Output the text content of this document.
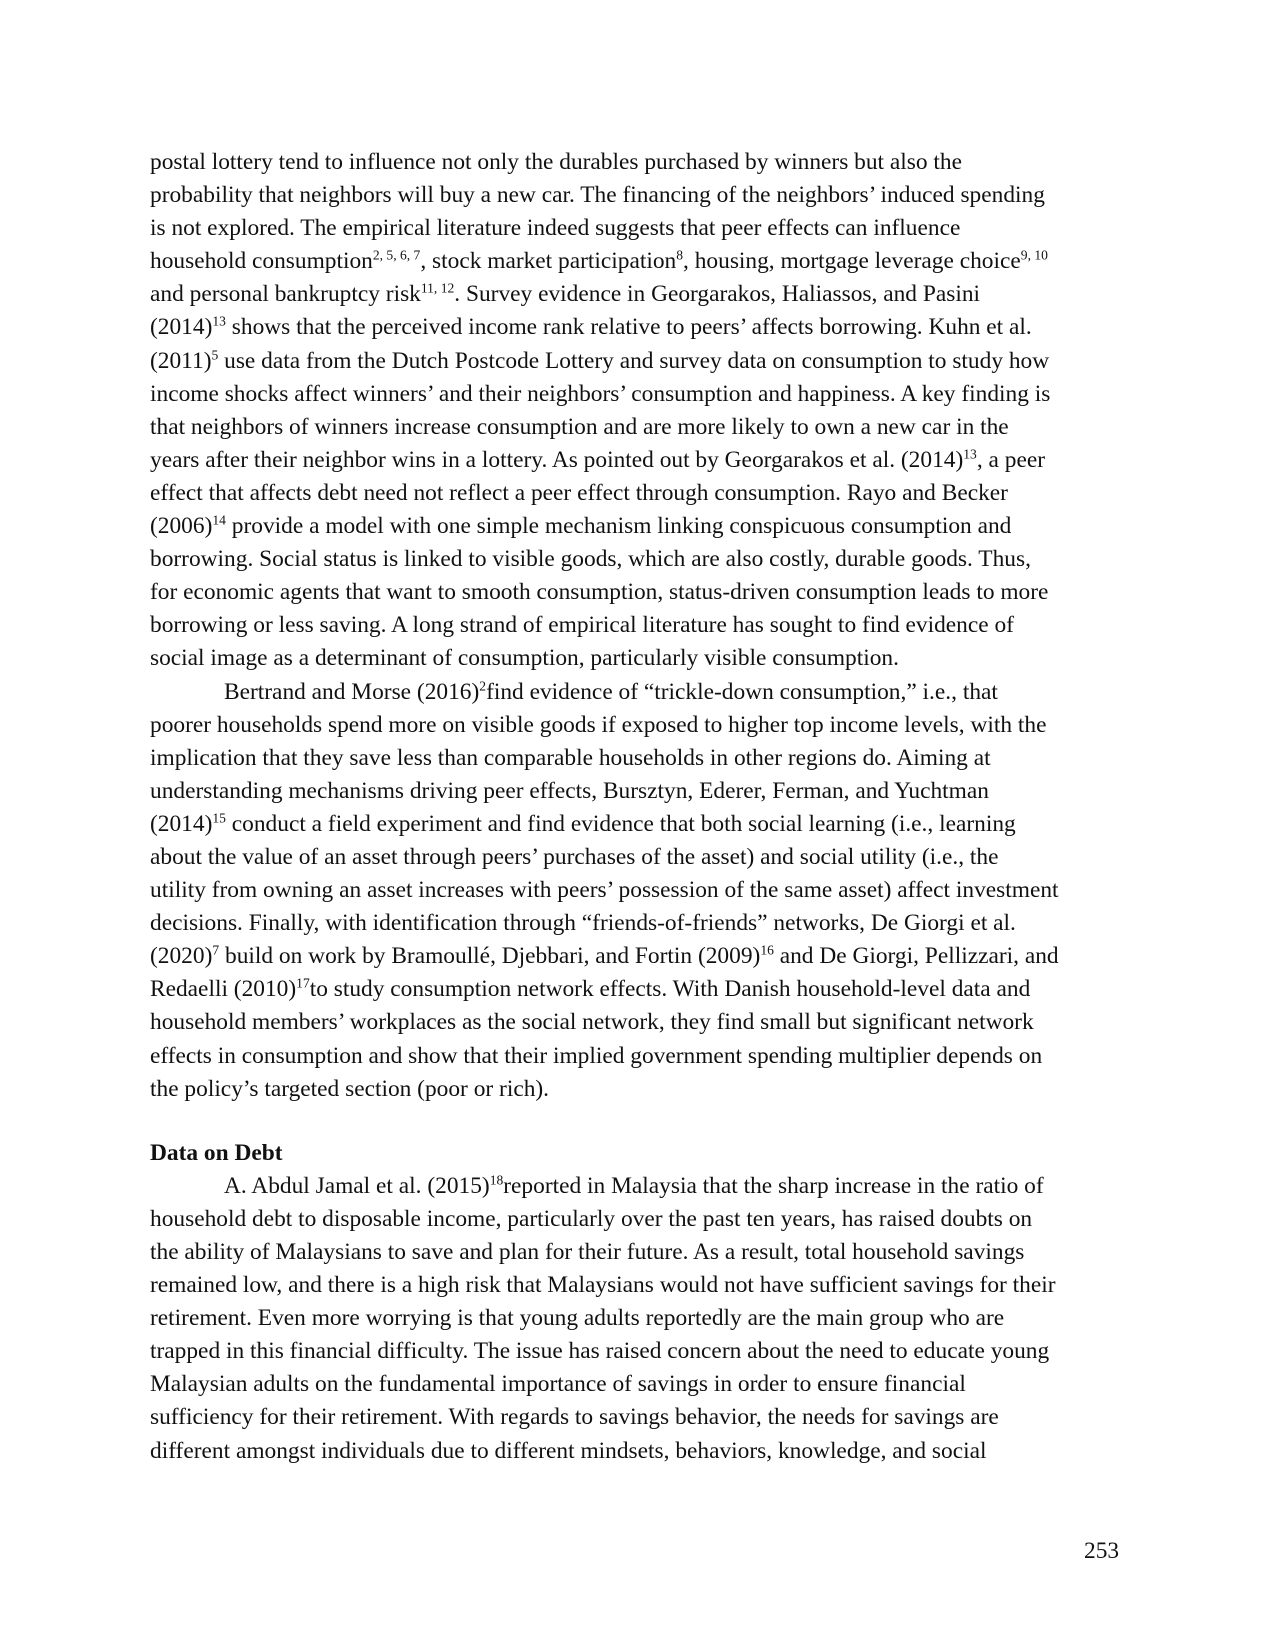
postal lottery tend to influence not only the durables purchased by winners but also the
probability that neighbors will buy a new car. The financing of the neighbors’ induced spending
is not explored. The empirical literature indeed suggests that peer effects can influence
household consumption$^{2, 5, 6, 7}$, stock market participation$^8$, housing, mortgage leverage choice$^{9, 10}$
and personal bankruptcy risk$^{11, 12}$. Survey evidence in Georgarakos, Haliassos, and Pasini
$(2014)^{13}$ shows that the perceived income rank relative to peers’ affects borrowing. Kuhn et al.
$(2011)^5$ use data from the Dutch Postcode Lottery and survey data on consumption to study how
income shocks affect winners’ and their neighbors’ consumption and happiness. A key finding is
that neighbors of winners increase consumption and are more likely to own a new car in the
years after their neighbor wins in a lottery. As pointed out by Georgarakos et al. $(2014)^{13}$, a peer
effect that affects debt need not reflect a peer effect through consumption. Rayo and Becker
$(2006)^{14}$ provide a model with one simple mechanism linking conspicuous consumption and
borrowing. Social status is linked to visible goods, which are also costly, durable goods. Thus,
for economic agents that want to smooth consumption, status-driven consumption leads to more
borrowing or less saving. A long strand of empirical literature has sought to find evidence of
social image as a determinant of consumption, particularly visible consumption.
Bertrand and Morse $(2016)^2find$ evidence of “trickle-down consumption,” i.e., that
poorer households spend more on visible goods if exposed to higher top income levels, with the
implication that they save less than comparable households in other regions do. Aiming at
understanding mechanisms driving peer effects, Bursztyn, Ederer, Ferman, and Yuchtman
$(2014)^{15}$ conduct a field experiment and find evidence that both social learning (i.e., learning
about the value of an asset through peers’ purchases of the asset) and social utility (i.e., the
utility from owning an asset increases with peers’ possession of the same asset) affect investment
decisions. Finally, with identification through “friends-of-friends” networks, De Giorgi et al.
$(2020)^7$ build on work by Bramoullé, Djebbari, and Fortin $(2009)^{16}$ and De Giorgi, Pellizzari, and
Redaelli $(2010)^{17}to$ study consumption network effects. With Danish household-level data and
household members’ workplaces as the social network, they find small but significant network
effects in consumption and show that their implied government spending multiplier depends on
the policy’s targeted section (poor or rich).
Data on Debt
A. Abdul Jamal et al. $(2015)^{18}reported$ in Malaysia that the sharp increase in the ratio of
household debt to disposable income, particularly over the past ten years, has raised doubts on
the ability of Malaysians to save and plan for their future. As a result, total household savings
remained low, and there is a high risk that Malaysians would not have sufficient savings for their
retirement. Even more worrying is that young adults reportedly are the main group who are
trapped in this financial difficulty. The issue has raised concern about the need to educate young
Malaysian adults on the fundamental importance of savings in order to ensure financial
sufficiency for their retirement. With regards to savings behavior, the needs for savings are
different amongst individuals due to different mindsets, behaviors, knowledge, and social
253
